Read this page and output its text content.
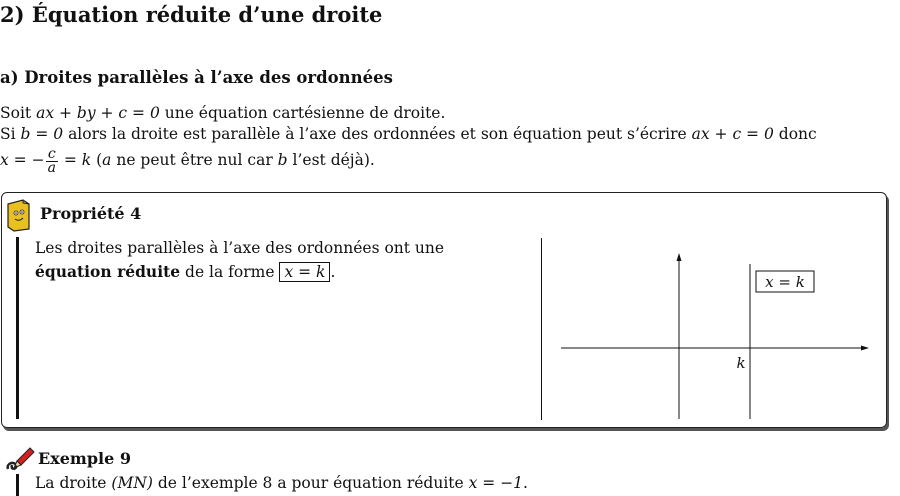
2) Équation réduite d’une droite
a) Droites parallèles à l’axe des ordonnées
Soit ax + by + c = 0 une équation cartésienne de droite.
Si b = 0 alors la droite est parallèle à l’axe des ordonnées et son équation peut s’écrire ax + c = 0 donc
x = − $\frac{c}{a} = k$ (a ne peut être nul car b l’est déjà).
Propriété 4
Les droites parallèles à l’axe des ordonnées ont une
équation réduite de la forme x = k .
x = k
k
Exemple 9
La droite (MN) de l’exemple 8 a pour équation réduite x = −1.
